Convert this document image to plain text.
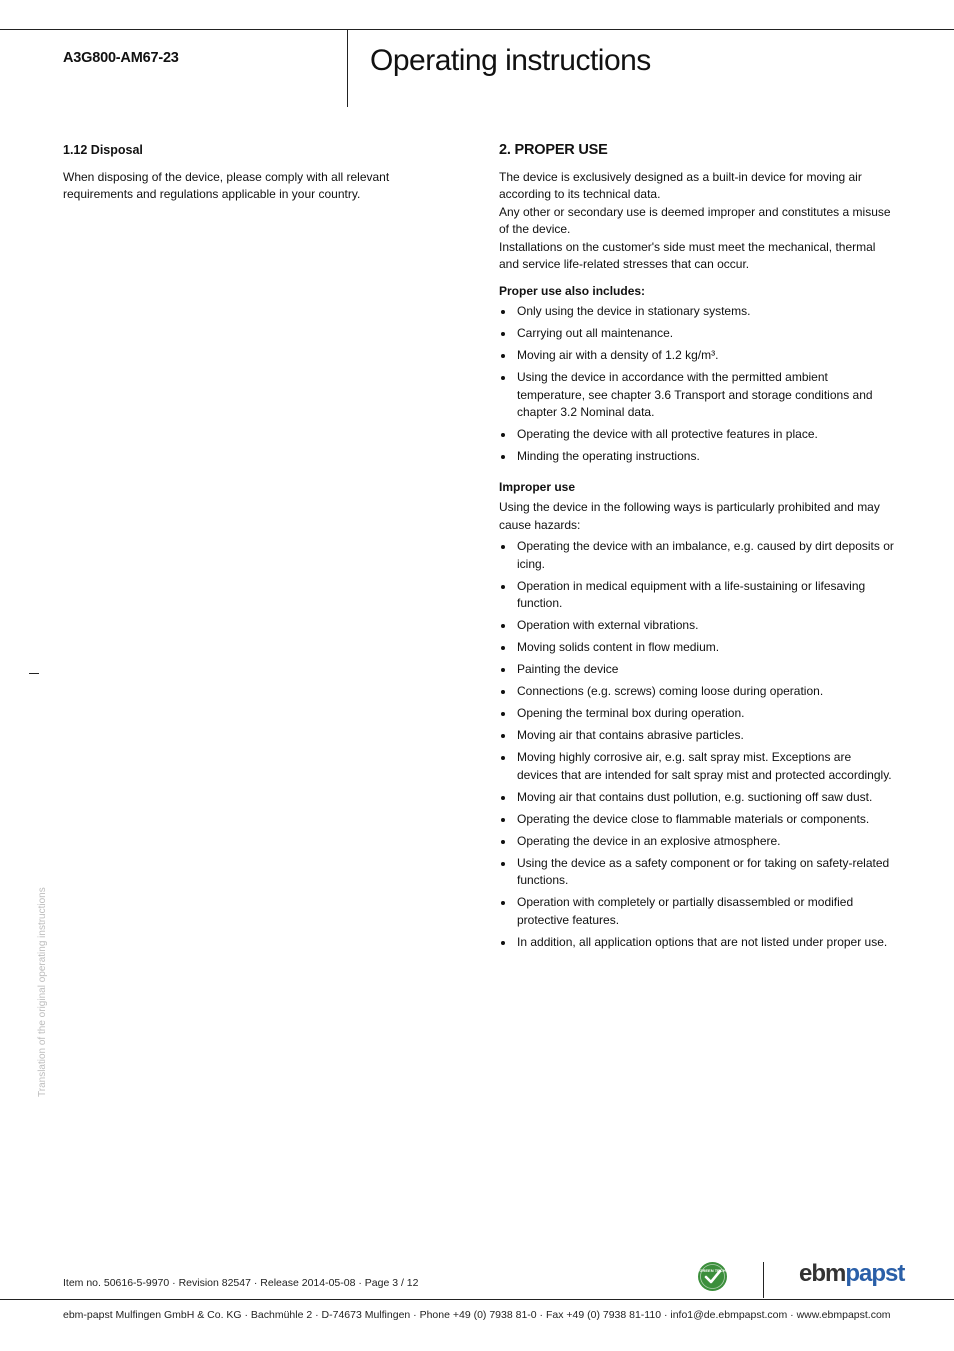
A3G800-AM67-23	Operating instructions
1.12 Disposal

When disposing of the device, please comply with all relevant requirements and regulations applicable in your country.

2. PROPER USE

The device is exclusively designed as a built-in device for moving air according to its technical data.

Any other or secondary use is deemed improper and constitutes a misuse of the device.

Installations on the customer's side must meet the mechanical, thermal and service life-related stresses that can occur.

Proper use also includes:

Only using the device in stationary systems.
Carrying out all maintenance.
Moving air with a density of 1.2 kg/m³.
Using the device in accordance with the permitted ambient temperature, see chapter 3.6 Transport and storage conditions and chapter 3.2 Nominal data.
Operating the device with all protective features in place.
Minding the operating instructions.

Improper use

Using the device in the following ways is particularly prohibited and may cause hazards:

Operating the device with an imbalance, e.g. caused by dirt deposits or icing.
Operation in medical equipment with a life-sustaining or lifesaving function.
Operation with external vibrations.
Moving solids content in flow medium.
Painting the device
Connections (e.g. screws) coming loose during operation.
Opening the terminal box during operation.
Moving air that contains abrasive particles.
Moving highly corrosive air, e.g. salt spray mist. Exceptions are devices that are intended for salt spray mist and protected accordingly.
Moving air that contains dust pollution, e.g. suctioning off saw dust.
Operating the device close to flammable materials or components.
Operating the device in an explosive atmosphere.
Using the device as a safety component or for taking on safety-related functions.
Operation with completely or partially disassembled or modified protective features.
In addition, all application options that are not listed under proper use.
Translation of the original operating instructions
Item no. 50616-5-9970 · Revision 82547 · Release 2014-05-08 · Page 3 / 12
GREEN TECH	ebmpapst
ebm-papst Mulfingen GmbH & Co. KG · Bachmühle 2 · D-74673 Mulfingen · Phone +49 (0) 7938 81-0 · Fax +49 (0) 7938 81-110 · info1@de.ebmpapst.com · www.ebmpapst.com
